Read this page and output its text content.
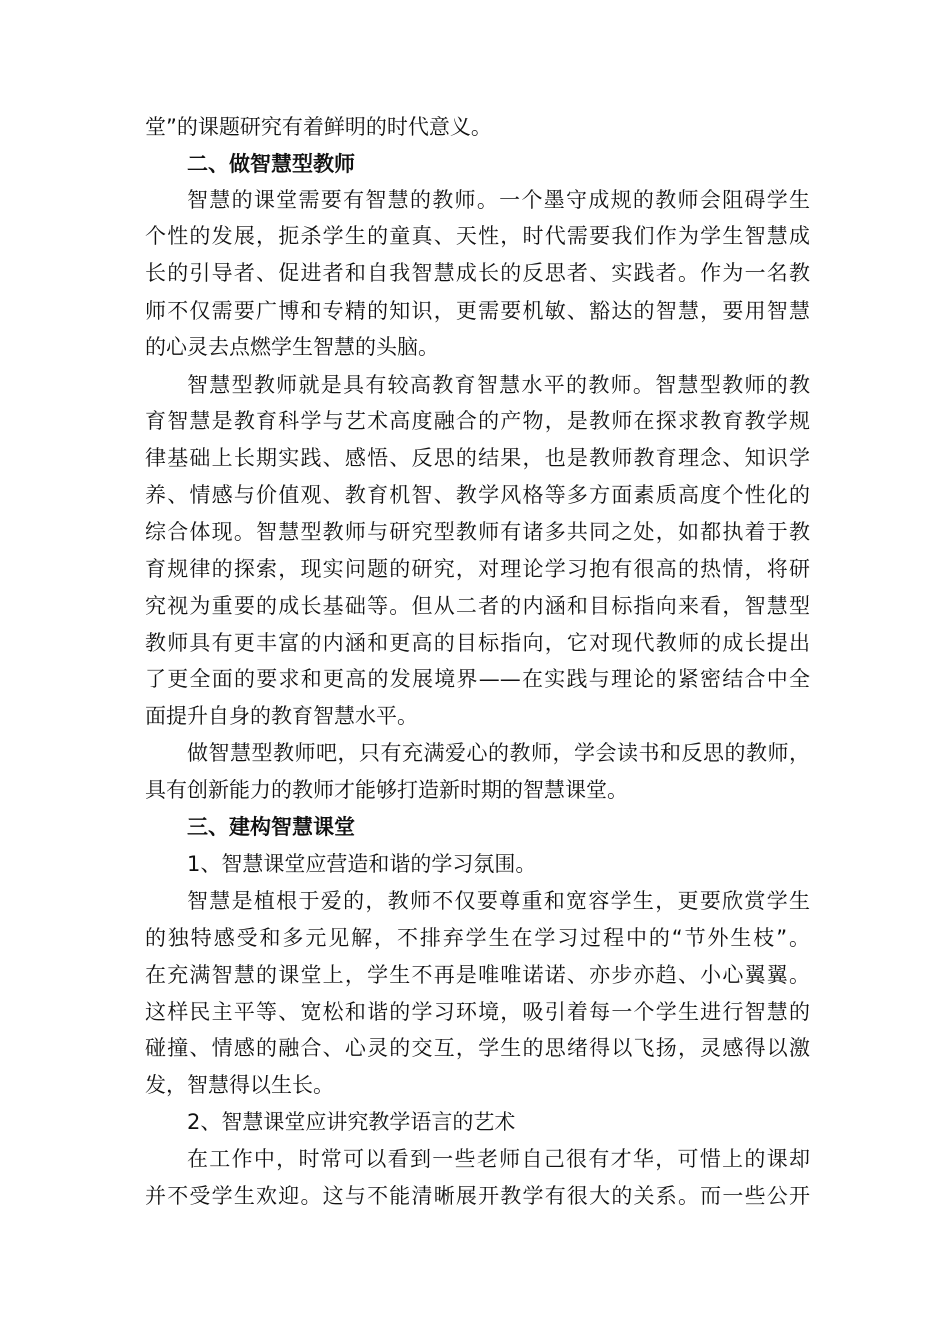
堂”的课题研究有着鲜明的时代意义。
二、做智慧型教师
智慧的课堂需要有智慧的教师。一个墨守成规的教师会阻碍学生
个性的发展，扼杀学生的童真、天性，时代需要我们作为学生智慧成
长的引导者、促进者和自我智慧成长的反思者、实践者。作为一名教
师不仅需要广博和专精的知识，更需要机敏、豁达的智慧，要用智慧
的心灵去点燃学生智慧的头脑。
智慧型教师就是具有较高教育智慧水平的教师。智慧型教师的教
育智慧是教育科学与艺术高度融合的产物，是教师在探求教育教学规
律基础上长期实践、感悟、反思的结果，也是教师教育理念、知识学
养、情感与价值观、教育机智、教学风格等多方面素质高度个性化的
综合体现。智慧型教师与研究型教师有诸多共同之处，如都执着于教
育规律的探索，现实问题的研究，对理论学习抱有很高的热情，将研
究视为重要的成长基础等。但从二者的内涵和目标指向来看，智慧型
教师具有更丰富的内涵和更高的目标指向，它对现代教师的成长提出
了更全面的要求和更高的发展境界——在实践与理论的紧密结合中全
面提升自身的教育智慧水平。
做智慧型教师吧，只有充满爱心的教师，学会读书和反思的教师，
具有创新能力的教师才能够打造新时期的智慧课堂。
三、建构智慧课堂
1、智慧课堂应营造和谐的学习氛围。
智慧是植根于爱的，教师不仅要尊重和宽容学生，更要欣赏学生
的独特感受和多元见解，不排弃学生在学习过程中的“节外生枝”。
在充满智慧的课堂上，学生不再是唯唯诺诺、亦步亦趋、小心翼翼。
这样民主平等、宽松和谐的学习环境，吸引着每一个学生进行智慧的
碰撞、情感的融合、心灵的交互，学生的思绪得以飞扬，灵感得以激
发，智慧得以生长。
2、智慧课堂应讲究教学语言的艺术
在工作中，时常可以看到一些老师自己很有才华，可惜上的课却
并不受学生欢迎。这与不能清晰展开教学有很大的关系。而一些公开
